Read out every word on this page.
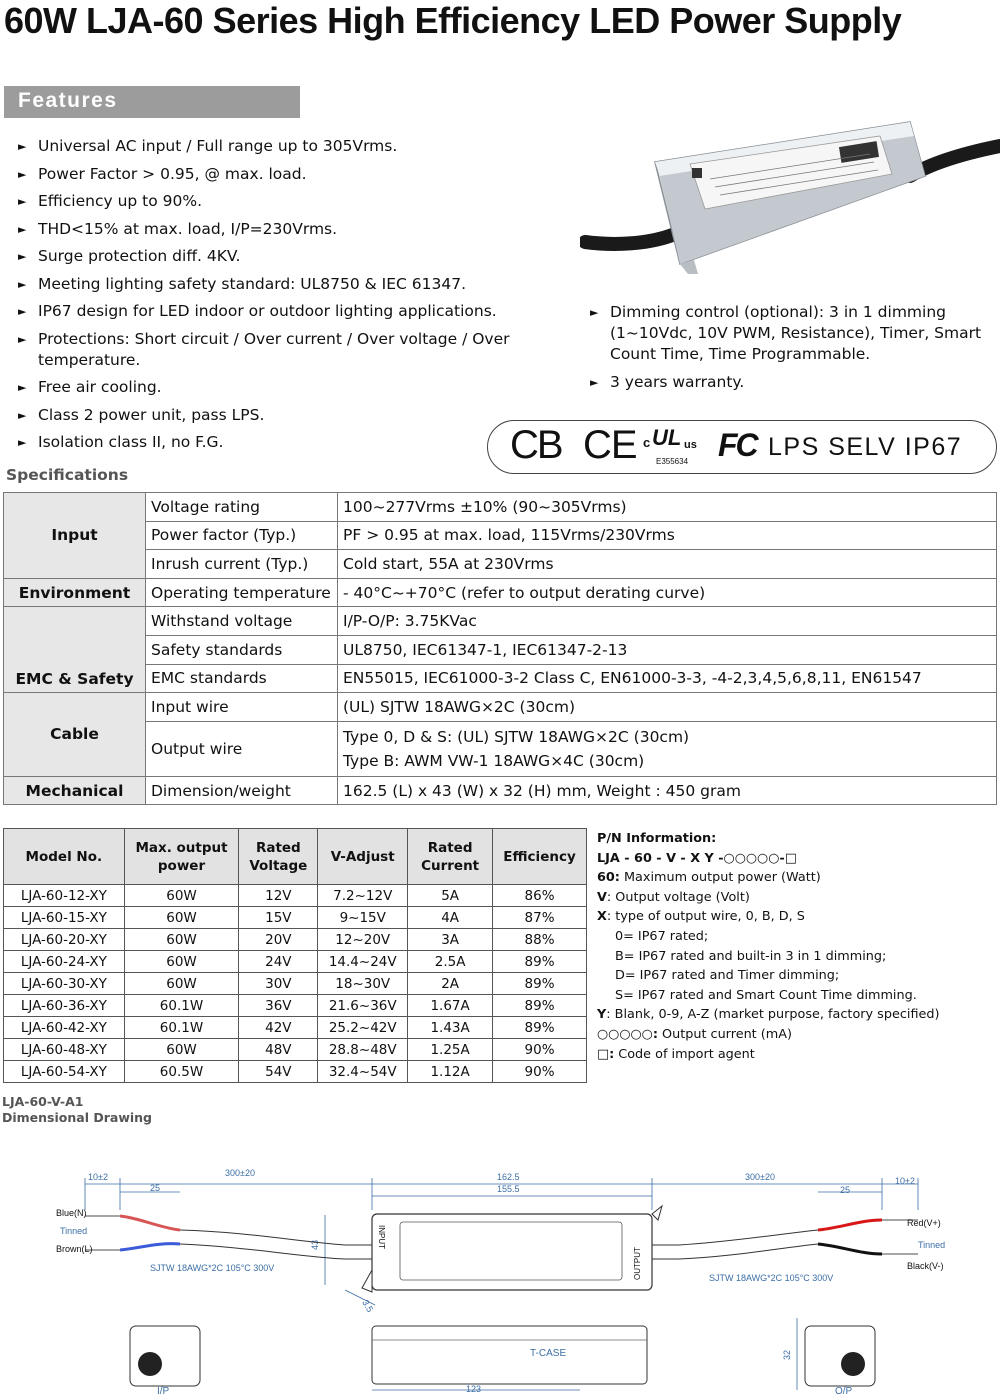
60W LJA-60 Series High Efficiency LED Power Supply
Features
► Universal AC input / Full range up to 305Vrms.
► Power Factor > 0.95, @ max. load.
► Efficiency up to 90%.
► THD<15% at max. load, I/P=230Vrms.
► Surge protection diff. 4KV.
► Meeting lighting safety standard: UL8750 & IEC 61347.
► IP67 design for LED indoor or outdoor lighting applications.
► Protections: Short circuit / Over current / Over voltage / Over temperature.
► Free air cooling.
► Class 2 power unit, pass LPS.
► Isolation class II, no F.G.
► Dimming control (optional): 3 in 1 dimming (1~10Vdc, 10V PWM, Resistance), Timer, Smart Count Time, Time Programmable.
► 3 years warranty.
CB CE c UL us
E355634 FC LPS SELV IP67
Specifications
Input	Voltage rating	100~277Vrms ±10% (90~305Vrms)
	Power factor (Typ.)	PF > 0.95 at max. load, 115Vrms/230Vrms
	Inrush current (Typ.)	Cold start, 55A at 230Vrms
Environment	Operating temperature	- 40°C~+70°C (refer to output derating curve)
EMC & Safety	Withstand voltage	I/P-O/P: 3.75KVac
	Safety standards	UL8750, IEC61347-1, IEC61347-2-13
	EMC standards	EN55015, IEC61000-3-2 Class C, EN61000-3-3, -4-2,3,4,5,6,8,11, EN61547
Cable	Input wire	(UL) SJTW 18AWG×2C (30cm)
	Output wire	Type 0, D & S: (UL) SJTW 18AWG×2C (30cm)
Type B: AWM VW-1 18AWG×4C (30cm)

Mechanical	Dimension/weight	162.5 (L) x 43 (W) x 32 (H) mm, Weight : 450 gram
Model No.	Max. output power	Rated Voltage	V-Adjust	Rated Current	Efficiency
LJA-60-12-XY	60W	12V	7.2~12V	5A	86%
LJA-60-15-XY	60W	15V	9~15V	4A	87%
LJA-60-20-XY	60W	20V	12~20V	3A	88%
LJA-60-24-XY	60W	24V	14.4~24V	2.5A	89%
LJA-60-30-XY	60W	30V	18~30V	2A	89%
LJA-60-36-XY	60.1W	36V	21.6~36V	1.67A	89%
LJA-60-42-XY	60.1W	42V	25.2~42V	1.43A	89%
LJA-60-48-XY	60W	48V	28.8~48V	1.25A	90%
LJA-60-54-XY	60.5W	54V	32.4~54V	1.12A	90%
P/N Information:
LJA - 60 - V - X Y -○○○○○-□
60: Maximum output power (Watt)
V: Output voltage (Volt)
X: type of output wire, 0, B, D, S
0= IP67 rated;
B= IP67 rated and built-in 3 in 1 dimming;
D= IP67 rated and Timer dimming;
S= IP67 rated and Smart Count Time dimming.
Y: Blank, 0-9, A-Z (market purpose, factory specified)
○○○○○: Output current (mA)
□: Code of import agent
LJA-60-V-A1
Dimensional Drawing
10±2	300±20
25
162.5
155.5
300±20	10±2
25
43
3.5
32
123
INPUT
OUTPUT
Blue(N)
Tinned
Brown(L)
SJTW 18AWG*2C 105°C 300V
SJTW 18AWG*2C 105°C 300V
Red(V+)
Tinned
Black(V-)
T-CASE
I/P	O/P
